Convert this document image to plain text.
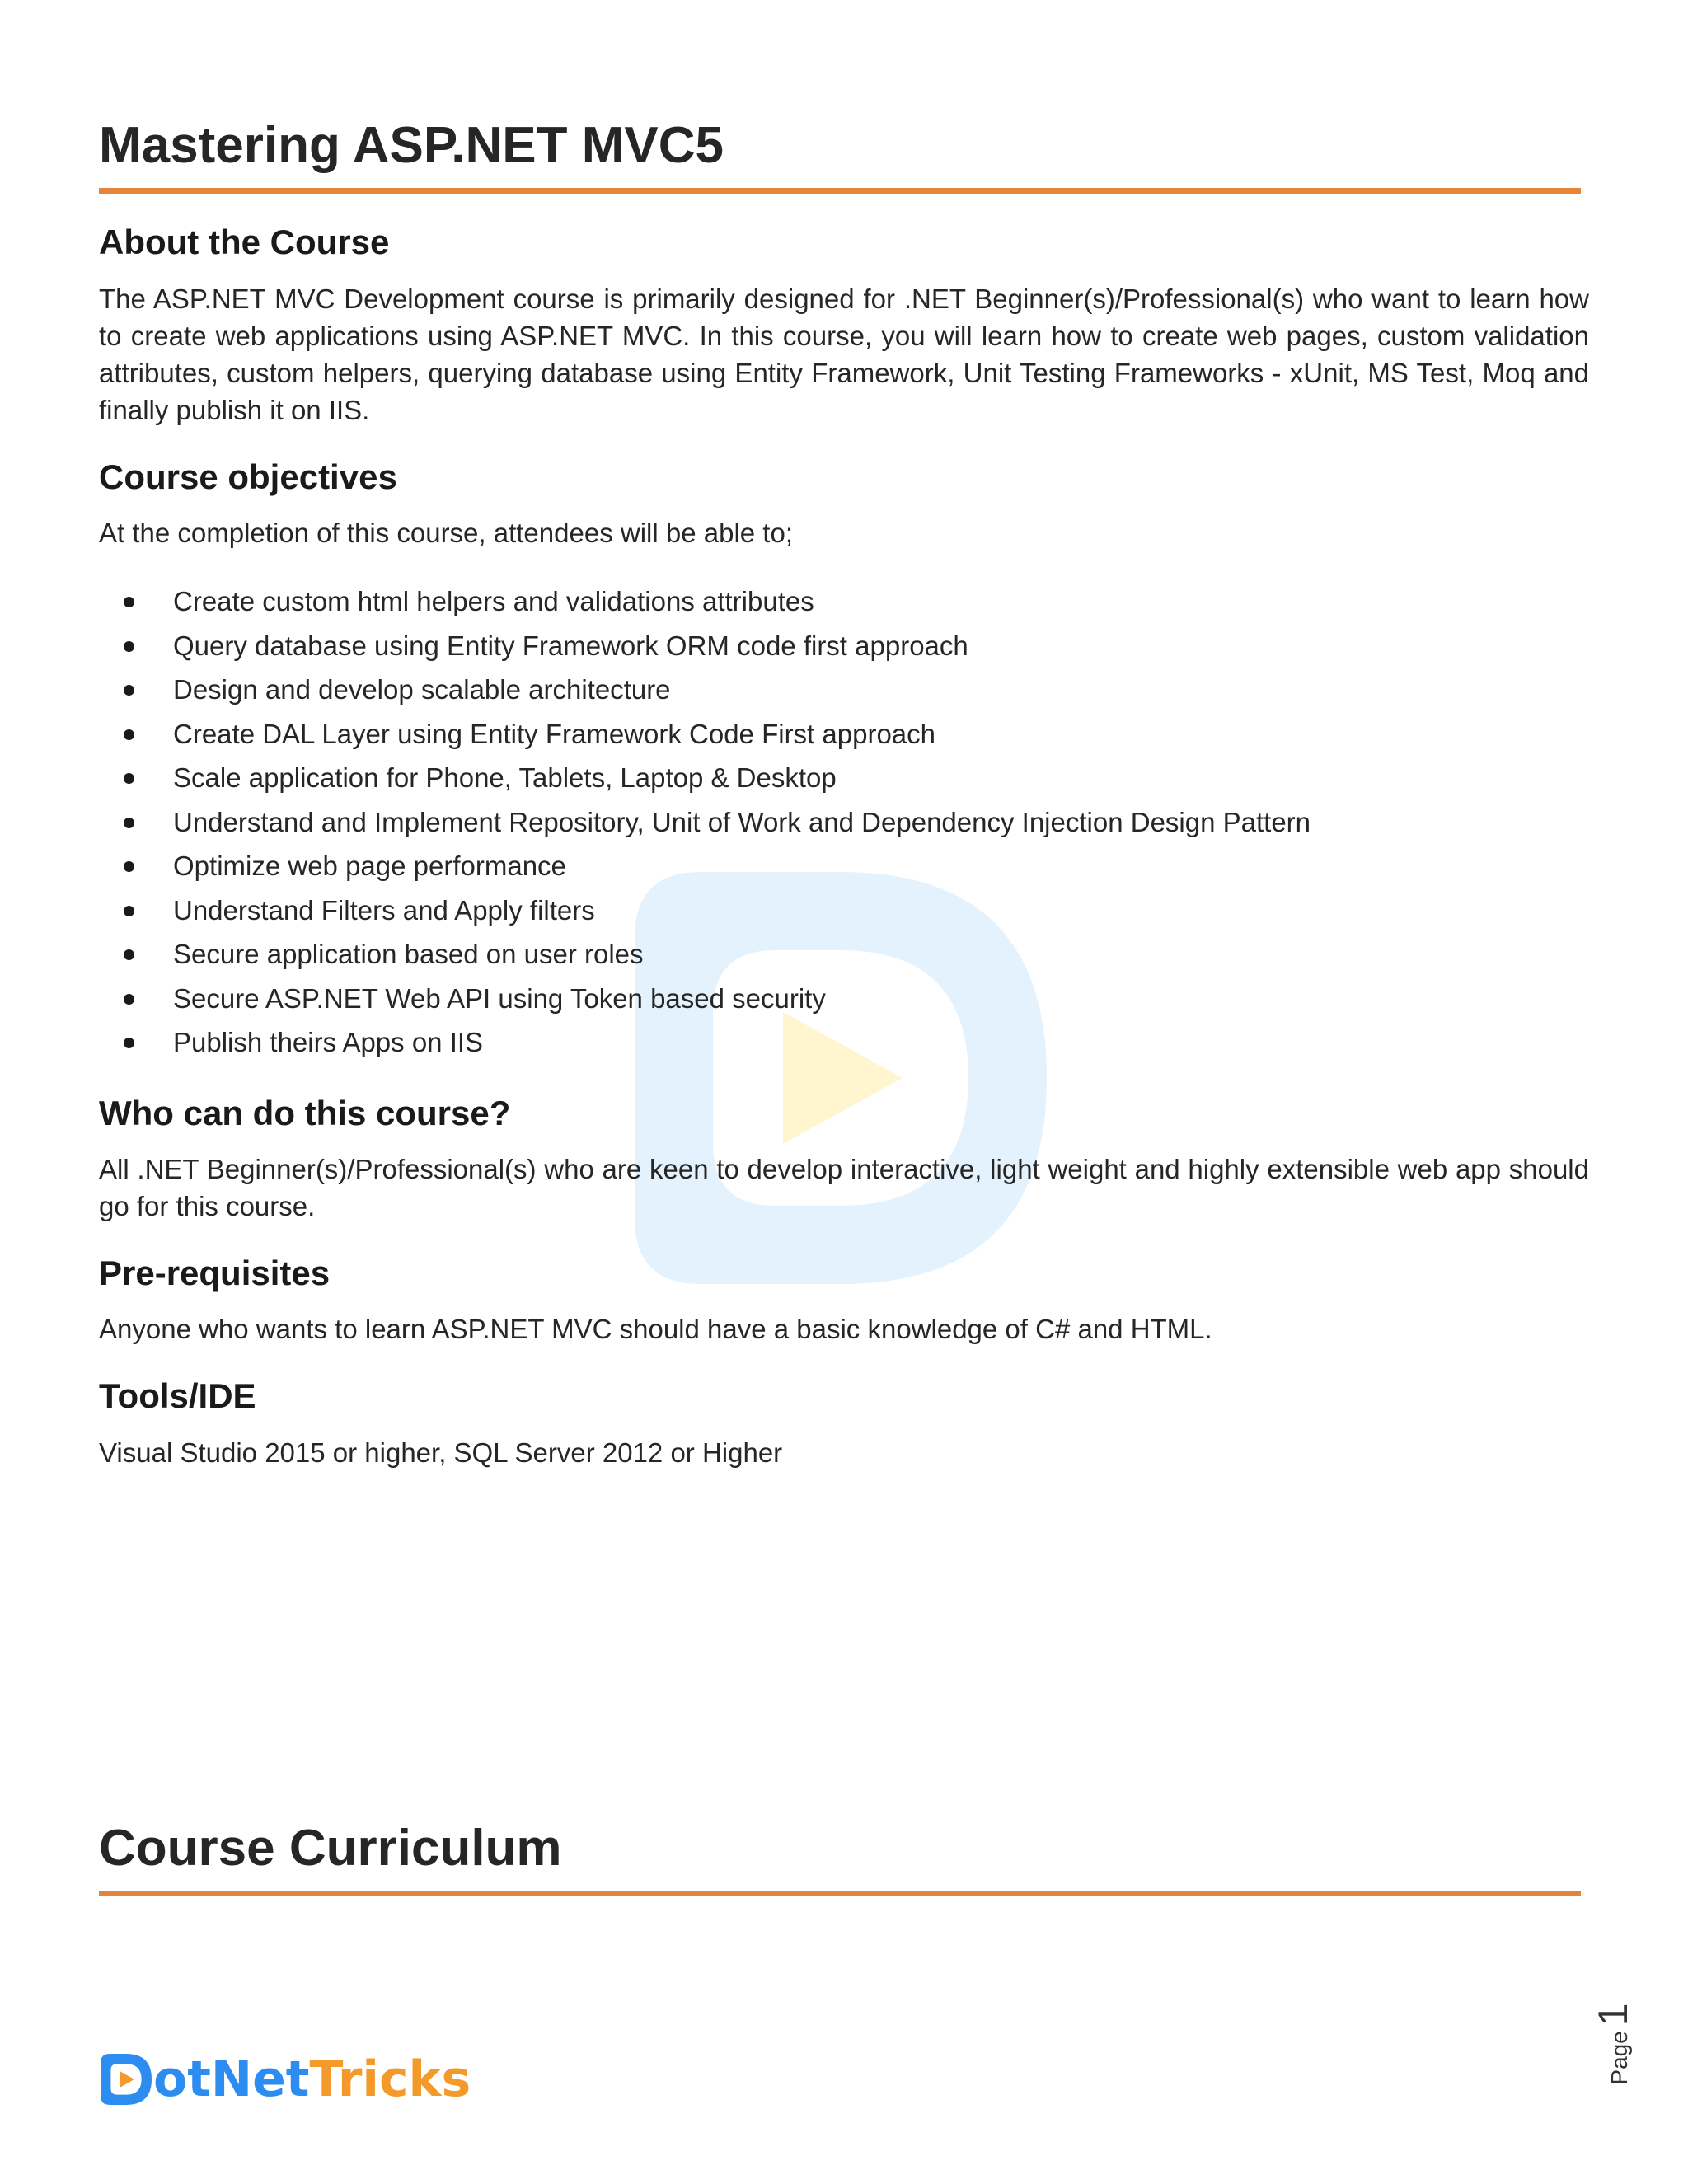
Mastering ASP.NET MVC5
About the Course

The ASP.NET MVC Development course is primarily designed for .NET Beginner(s)/Professional(s) who want to learn how to create web applications using ASP.NET MVC. In this course, you will learn how to create web pages, custom validation attributes, custom helpers, querying database using Entity Framework, Unit Testing Frameworks - xUnit, MS Test, Moq and finally publish it on IIS.

Course objectives

At the completion of this course, attendees will be able to;

Create custom html helpers and validations attributes
Query database using Entity Framework ORM code first approach
Design and develop scalable architecture
Create DAL Layer using Entity Framework Code First approach
Scale application for Phone, Tablets, Laptop & Desktop
Understand and Implement Repository, Unit of Work and Dependency Injection Design Pattern
Optimize web page performance
Understand Filters and Apply filters
Secure application based on user roles
Secure ASP.NET Web API using Token based security
Publish theirs Apps on IIS
Who can do this course?

All .NET Beginner(s)/Professional(s) who are keen to develop interactive, light weight and highly extensible web app should go for this course.

Pre-requisites

Anyone who wants to learn ASP.NET MVC should have a basic knowledge of C# and HTML.

Tools/IDE

Visual Studio 2015 or higher, SQL Server 2012 or Higher

Course Curriculum
otNet Tricks	Page
1
